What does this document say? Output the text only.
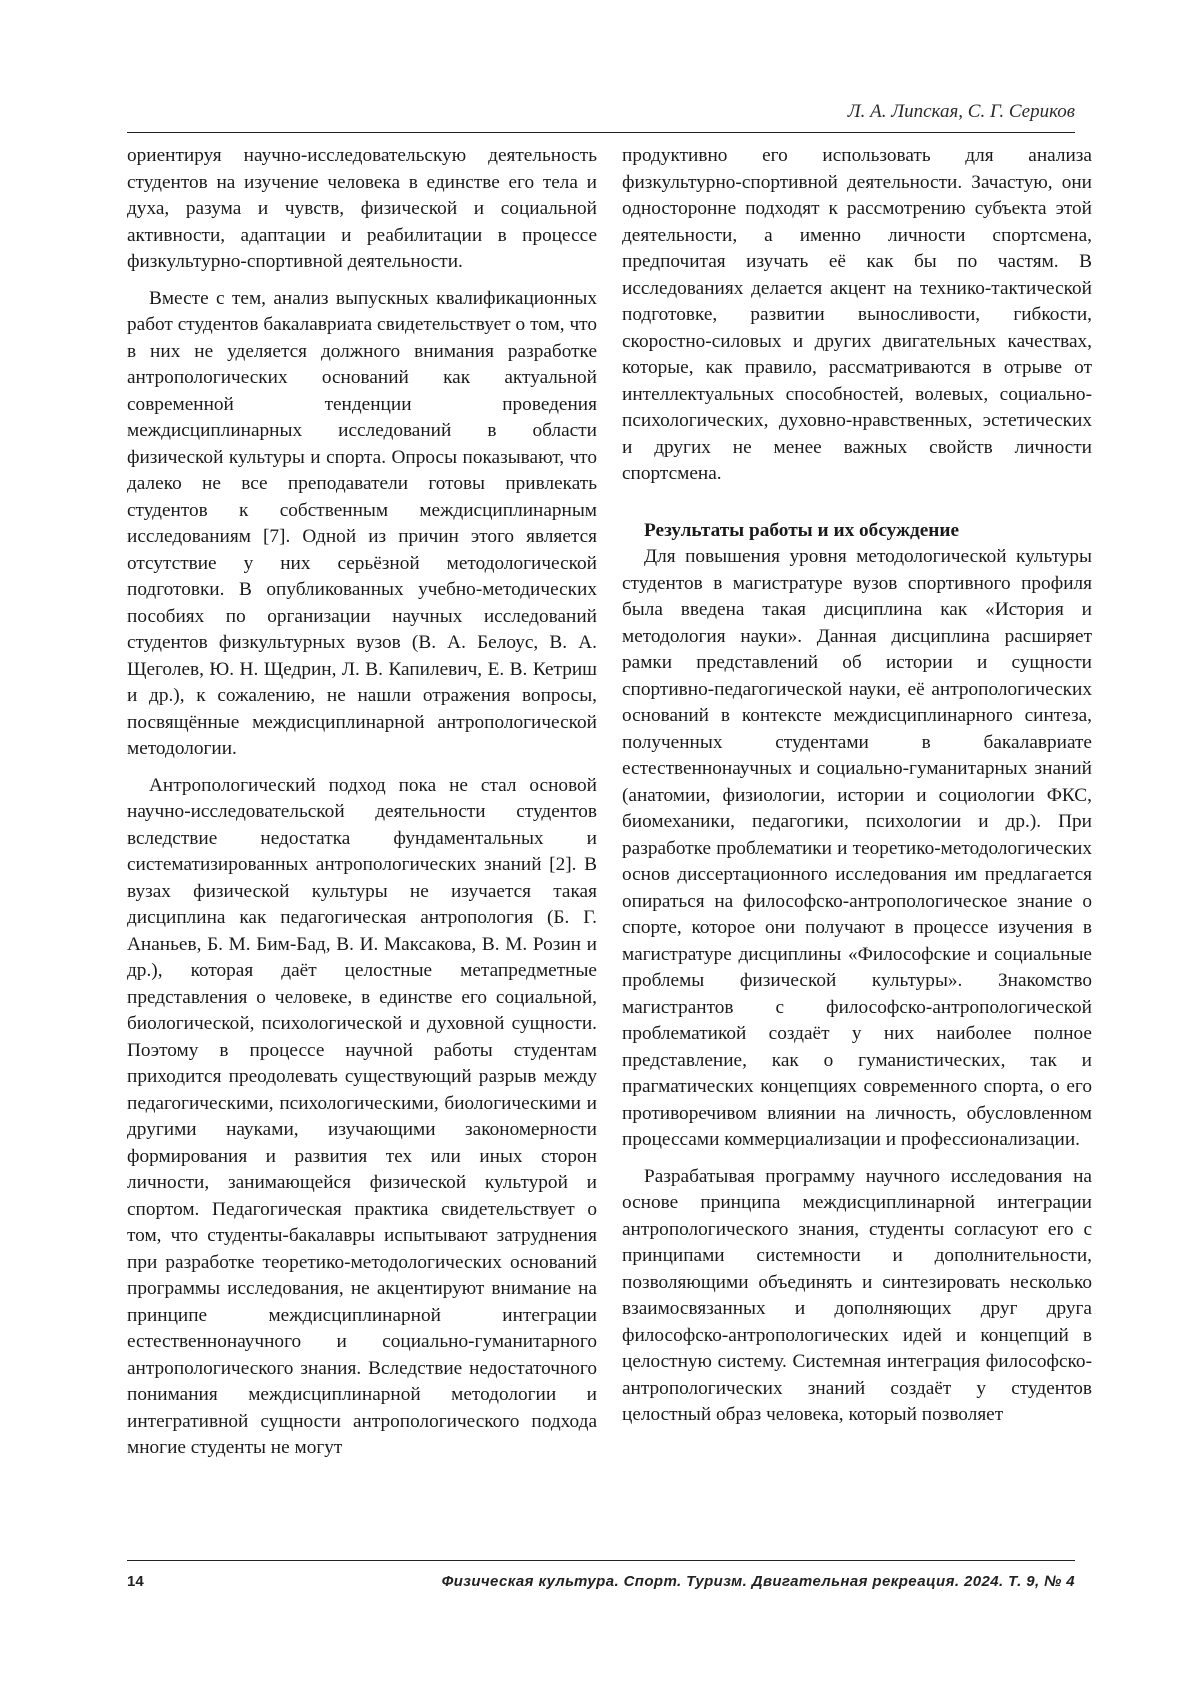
Л. А. Липская, С. Г. Сериков

ориентируя научно-исследовательскую деятельность студентов на изучение человека в единстве его тела и духа, разума и чувств, физической и социальной активности, адаптации и реабилитации в процессе физкультурно-спортивной деятельности.

Вместе с тем, анализ выпускных квалификационных работ студентов бакалавриата свидетельствует о том, что в них не уделяется должного внимания разработке антропологических оснований как актуальной современной тенденции проведения междисциплинарных исследований в области физической культуры и спорта. Опросы показывают, что далеко не все преподаватели готовы привлекать студентов к собственным междисциплинарным исследованиям [7]. Одной из причин этого является отсутствие у них серьёзной методологической подготовки. В опубликованных учебно-методических пособиях по организации научных исследований студентов физкультурных вузов (В. А. Белоус, В. А. Щеголев, Ю. Н. Щедрин, Л. В. Капилевич, Е. В. Кетриш и др.), к сожалению, не нашли отражения вопросы, посвящённые междисциплинарной антропологической методологии.

Антропологический подход пока не стал основой научно-исследовательской деятельности студентов вследствие недостатка фундаментальных и систематизированных антропологических знаний [2]. В вузах физической культуры не изучается такая дисциплина как педагогическая антропология (Б. Г. Ананьев, Б. М. Бим-Бад, В. И. Максакова, В. М. Розин и др.), которая даёт целостные метапредметные представления о человеке, в единстве его социальной, биологической, психологической и духовной сущности. Поэтому в процессе научной работы студентам приходится преодолевать существующий разрыв между педагогическими, психологическими, биологическими и другими науками, изучающими закономерности формирования и развития тех или иных сторон личности, занимающейся физической культурой и спортом. Педагогическая практика свидетельствует о том, что студенты-бакалавры испытывают затруднения при разработке теоретико-методологических оснований программы исследования, не акцентируют внимание на принципе междисциплинарной интеграции естественнонаучного и социально-гуманитарного антропологического знания. Вследствие недостаточного понимания междисциплинарной методологии и интегративной сущности антропологического подхода многие студенты не могут

продуктивно его использовать для анализа физкультурно-спортивной деятельности. Зачастую, они односторонне подходят к рассмотрению субъекта этой деятельности, а именно личности спортсмена, предпочитая изучать её как бы по частям. В исследованиях делается акцент на технико-тактической подготовке, развитии выносливости, гибкости, скоростно-силовых и других двигательных качествах, которые, как правило, рассматриваются в отрыве от интеллектуальных способностей, волевых, социально-психологических, духовно-нравственных, эстетических и других не менее важных свойств личности спортсмена.

Результаты работы и их обсуждение

Для повышения уровня методологической культуры студентов в магистратуре вузов спортивного профиля была введена такая дисциплина как «История и методология науки». Данная дисциплина расширяет рамки представлений об истории и сущности спортивно-педагогической науки, её антропологических оснований в контексте междисциплинарного синтеза, полученных студентами в бакалавриате естественнонаучных и социально-гуманитарных знаний (анатомии, физиологии, истории и социологии ФКС, биомеханики, педагогики, психологии и др.). При разработке проблематики и теоретико-методологических основ диссертационного исследования им предлагается опираться на философско-антропологическое знание о спорте, которое они получают в процессе изучения в магистратуре дисциплины «Философские и социальные проблемы физической культуры». Знакомство магистрантов с философско-антропологической проблематикой создаёт у них наиболее полное представление, как о гуманистических, так и прагматических концепциях современного спорта, о его противоречивом влиянии на личность, обусловленном процессами коммерциализации и профессионализации.

Разрабатывая программу научного исследования на основе принципа междисциплинарной интеграции антропологического знания, студенты согласуют его с принципами системности и дополнительности, позволяющими объединять и синтезировать несколько взаимосвязанных и дополняющих друг друга философско-антропологических идей и концепций в целостную систему. Системная интеграция философско-антропологических знаний создаёт у студентов целостный образ человека, который позволяет

14	Физическая культура. Спорт. Туризм. Двигательная рекреация. 2024. Т. 9, № 4
